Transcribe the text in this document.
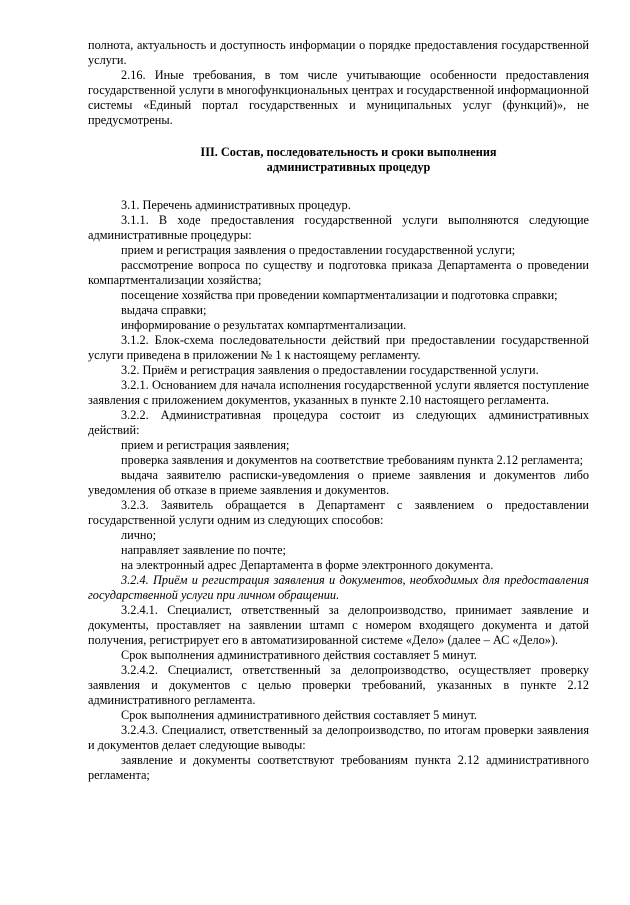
полнота, актуальность и доступность информации о порядке предоставления государственной услуги.

2.16. Иные требования, в том числе учитывающие особенности предоставления государственной услуги в многофункциональных центрах и государственной информационной системы «Единый портал государственных и муниципальных услуг (функций)», не предусмотрены.

III. Состав, последовательность и сроки выполнения
административных процедур

3.1. Перечень административных процедур.

3.1.1. В ходе предоставления государственной услуги выполняются следующие административные процедуры:

прием и регистрация заявления о предоставлении государственной услуги;

рассмотрение вопроса по существу и подготовка приказа Департамента о проведении компартментализации хозяйства;

посещение хозяйства при проведении компартментализации и подготовка справки;

выдача справки;

информирование о результатах компартментализации.

3.1.2. Блок-схема последовательности действий при предоставлении государственной услуги приведена в приложении № 1 к настоящему регламенту.

3.2. Приём и регистрация заявления о предоставлении государственной услуги.

3.2.1. Основанием для начала исполнения государственной услуги является поступление заявления с приложением документов, указанных в пункте 2.10 настоящего регламента.

3.2.2. Административная процедура состоит из следующих административных действий:

прием и регистрация заявления;

проверка заявления и документов на соответствие требованиям пункта 2.12 регламента;

выдача заявителю расписки-уведомления о приеме заявления и документов либо уведомления об отказе в приеме заявления и документов.

3.2.3. Заявитель обращается в Департамент с заявлением о предоставлении государственной услуги одним из следующих способов:

лично;

направляет заявление по почте;

на электронный адрес Департамента в форме электронного документа.

3.2.4. Приём и регистрация заявления и документов, необходимых для предоставления государственной услуги при личном обращении.

3.2.4.1. Специалист, ответственный за делопроизводство, принимает заявление и документы, проставляет на заявлении штамп с номером входящего документа и датой получения, регистрирует его в автоматизированной системе «Дело» (далее – АС «Дело»).

Срок выполнения административного действия составляет 5 минут.

3.2.4.2. Специалист, ответственный за делопроизводство, осуществляет проверку заявления и документов с целью проверки требований, указанных в пункте 2.12 административного регламента.

Срок выполнения административного действия составляет 5 минут.

3.2.4.3. Специалист, ответственный за делопроизводство, по итогам проверки заявления и документов делает следующие выводы:

заявление и документы соответствуют требованиям пункта 2.12 административного регламента;
